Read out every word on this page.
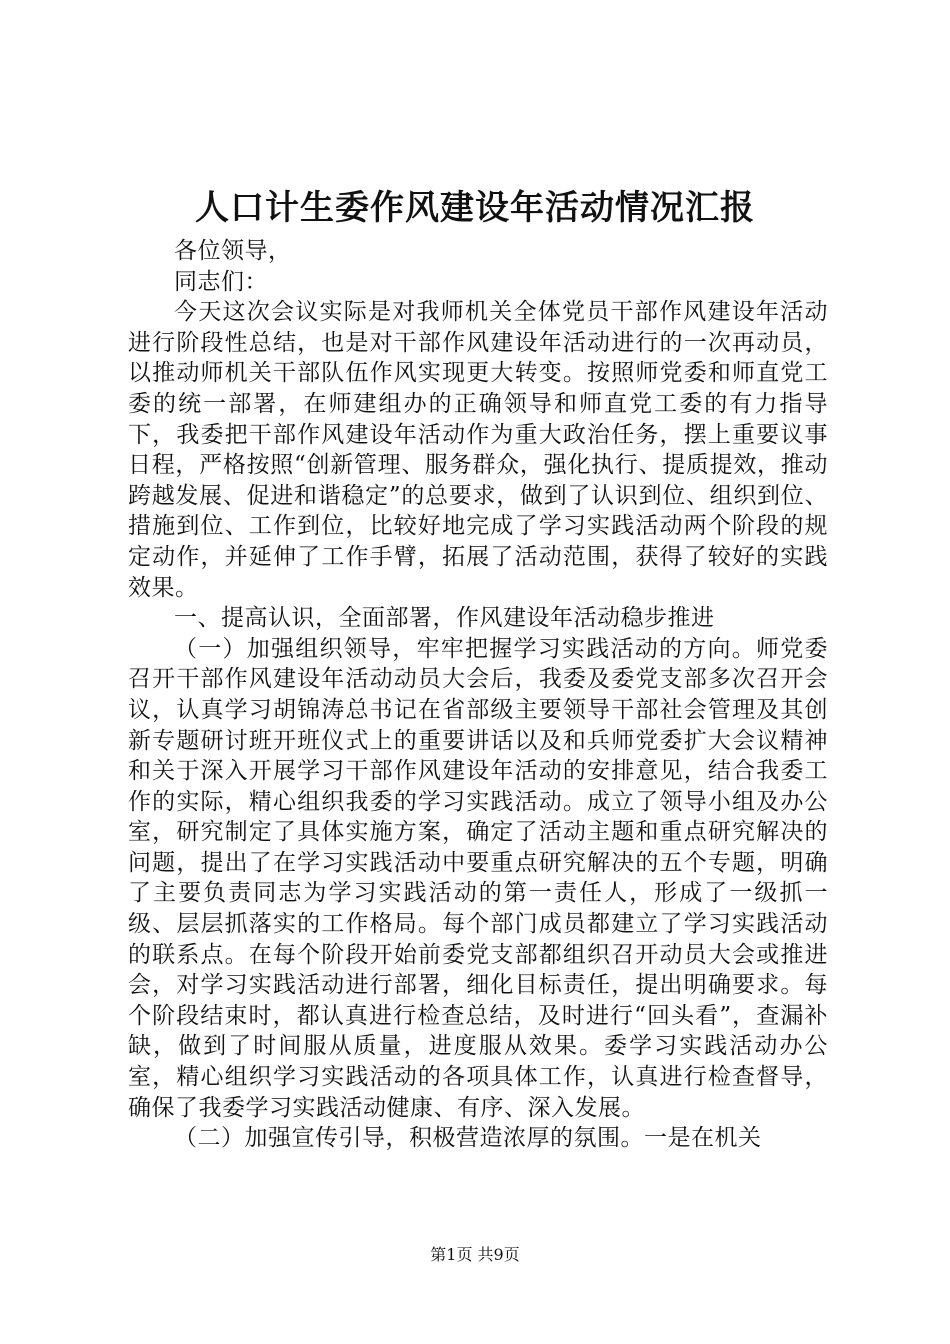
人口计生委作风建设年活动情况汇报

各位领导，

同志们：

今天这次会议实际是对我师机关全体党员干部作风建设年活动进行阶段性总结，也是对干部作风建设年活动进行的一次再动员，以推动师机关干部队伍作风实现更大转变。按照师党委和师直党工委的统一部署，在师建组办的正确领导和师直党工委的有力指导下，我委把干部作风建设年活动作为重大政治任务，摆上重要议事日程，严格按照“创新管理、服务群众，强化执行、提质提效，推动跨越发展、促进和谐稳定”的总要求，做到了认识到位、组织到位、措施到位、工作到位，比较好地完成了学习实践活动两个阶段的规定动作，并延伸了工作手臂，拓展了活动范围，获得了较好的实践效果。

一、提高认识，全面部署，作风建设年活动稳步推进

（一）加强组织领导，牢牢把握学习实践活动的方向。师党委召开干部作风建设年活动动员大会后，我委及委党支部多次召开会议，认真学习胡锦涛总书记在省部级主要领导干部社会管理及其创新专题研讨班开班仪式上的重要讲话以及和兵师党委扩大会议精神和关于深入开展学习干部作风建设年活动的安排意见，结合我委工作的实际，精心组织我委的学习实践活动。成立了领导小组及办公室，研究制定了具体实施方案，确定了活动主题和重点研究解决的问题，提出了在学习实践活动中要重点研究解决的五个专题，明确了主要负责同志为学习实践活动的第一责任人，形成了一级抓一级、层层抓落实的工作格局。每个部门成员都建立了学习实践活动的联系点。在每个阶段开始前委党支部都组织召开动员大会或推进会，对学习实践活动进行部署，细化目标责任，提出明确要求。每个阶段结束时，都认真进行检查总结，及时进行“回头看”，查漏补缺，做到了时间服从质量，进度服从效果。委学习实践活动办公室，精心组织学习实践活动的各项具体工作，认真进行检查督导，确保了我委学习实践活动健康、有序、深入发展。

（二）加强宣传引导，积极营造浓厚的氛围。一是在机关

第1页 共9页
